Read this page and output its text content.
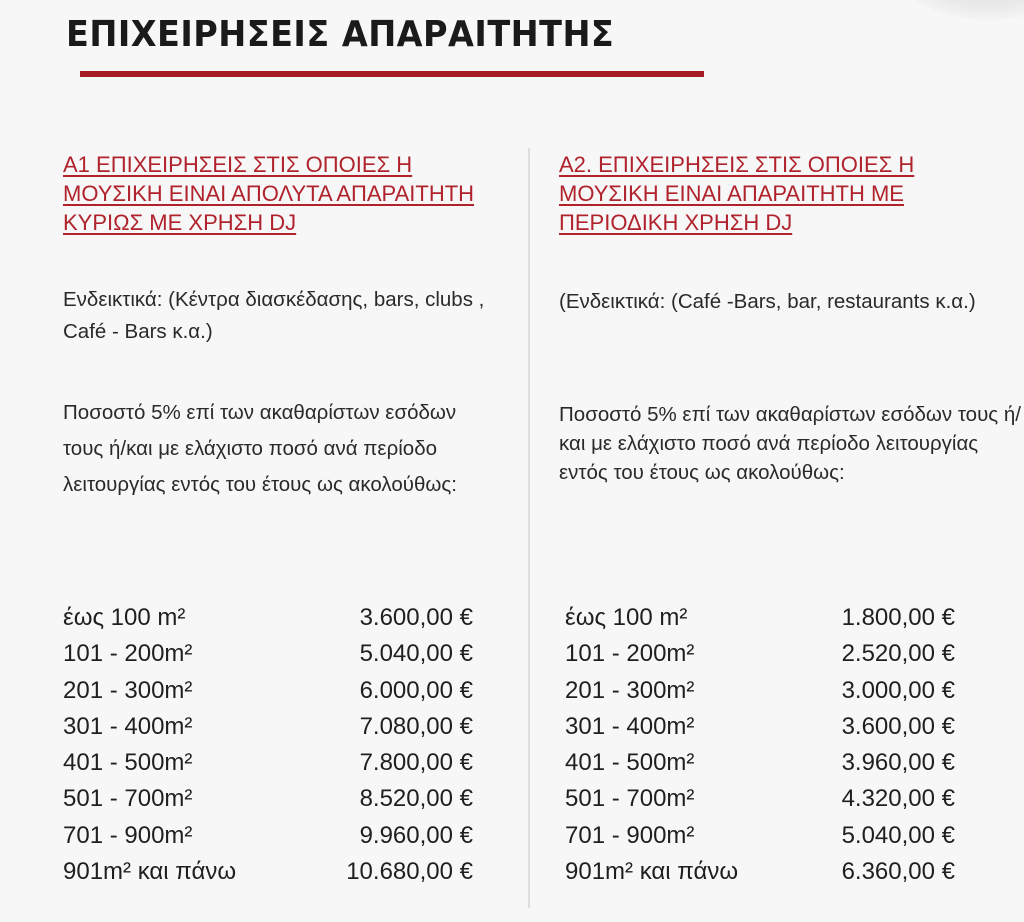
ΕΠΙΧΕΙΡΗΣΕΙΣ ΑΠΑΡΑΙΤΗΤΗΣ
Α1 ΕΠΙΧΕΙΡΗΣΕΙΣ ΣΤΙΣ ΟΠΟΙΕΣ Η ΜΟΥΣΙΚΗ ΕΙΝΑΙ ΑΠΟΛΥΤΑ ΑΠΑΡΑΙΤΗΤΗ ΚΥΡΙΩΣ ΜΕ ΧΡΗΣΗ DJ
Ενδεικτικά: (Κέντρα διασκέδασης, bars, clubs , Café - Bars κ.α.)
Ποσοστό 5% επί των ακαθαρίστων εσόδων τους ή/και με ελάχιστο ποσό ανά περίοδο λειτουργίας εντός του έτους ως ακολούθως:
έως 100 m²	3.600,00 €
101 - 200m²	5.040,00 €
201 - 300m²	6.000,00 €
301 - 400m²	7.080,00 €
401 - 500m²	7.800,00 €
501 - 700m²	8.520,00 €
701 - 900m²	9.960,00 €
901m² και πάνω	10.680,00 €
Α2. ΕΠΙΧΕΙΡΗΣΕΙΣ ΣΤΙΣ ΟΠΟΙΕΣ Η ΜΟΥΣΙΚΗ ΕΙΝΑΙ ΑΠΑΡΑΙΤΗΤΗ ΜΕ ΠΕΡΙΟΔΙΚΗ ΧΡΗΣΗ DJ
(Ενδεικτικά: (Café -Bars, bar, restaurants κ.α.)
Ποσοστό 5% επί των ακαθαρίστων εσόδων τους ή/και με ελάχιστο ποσό ανά περίοδο λειτουργίας εντός του έτους ως ακολούθως:
έως 100 m²	1.800,00 €
101 - 200m²	2.520,00 €
201 - 300m²	3.000,00 €
301 - 400m²	3.600,00 €
401 - 500m²	3.960,00 €
501 - 700m²	4.320,00 €
701 - 900m²	5.040,00 €
901m² και πάνω	6.360,00 €
